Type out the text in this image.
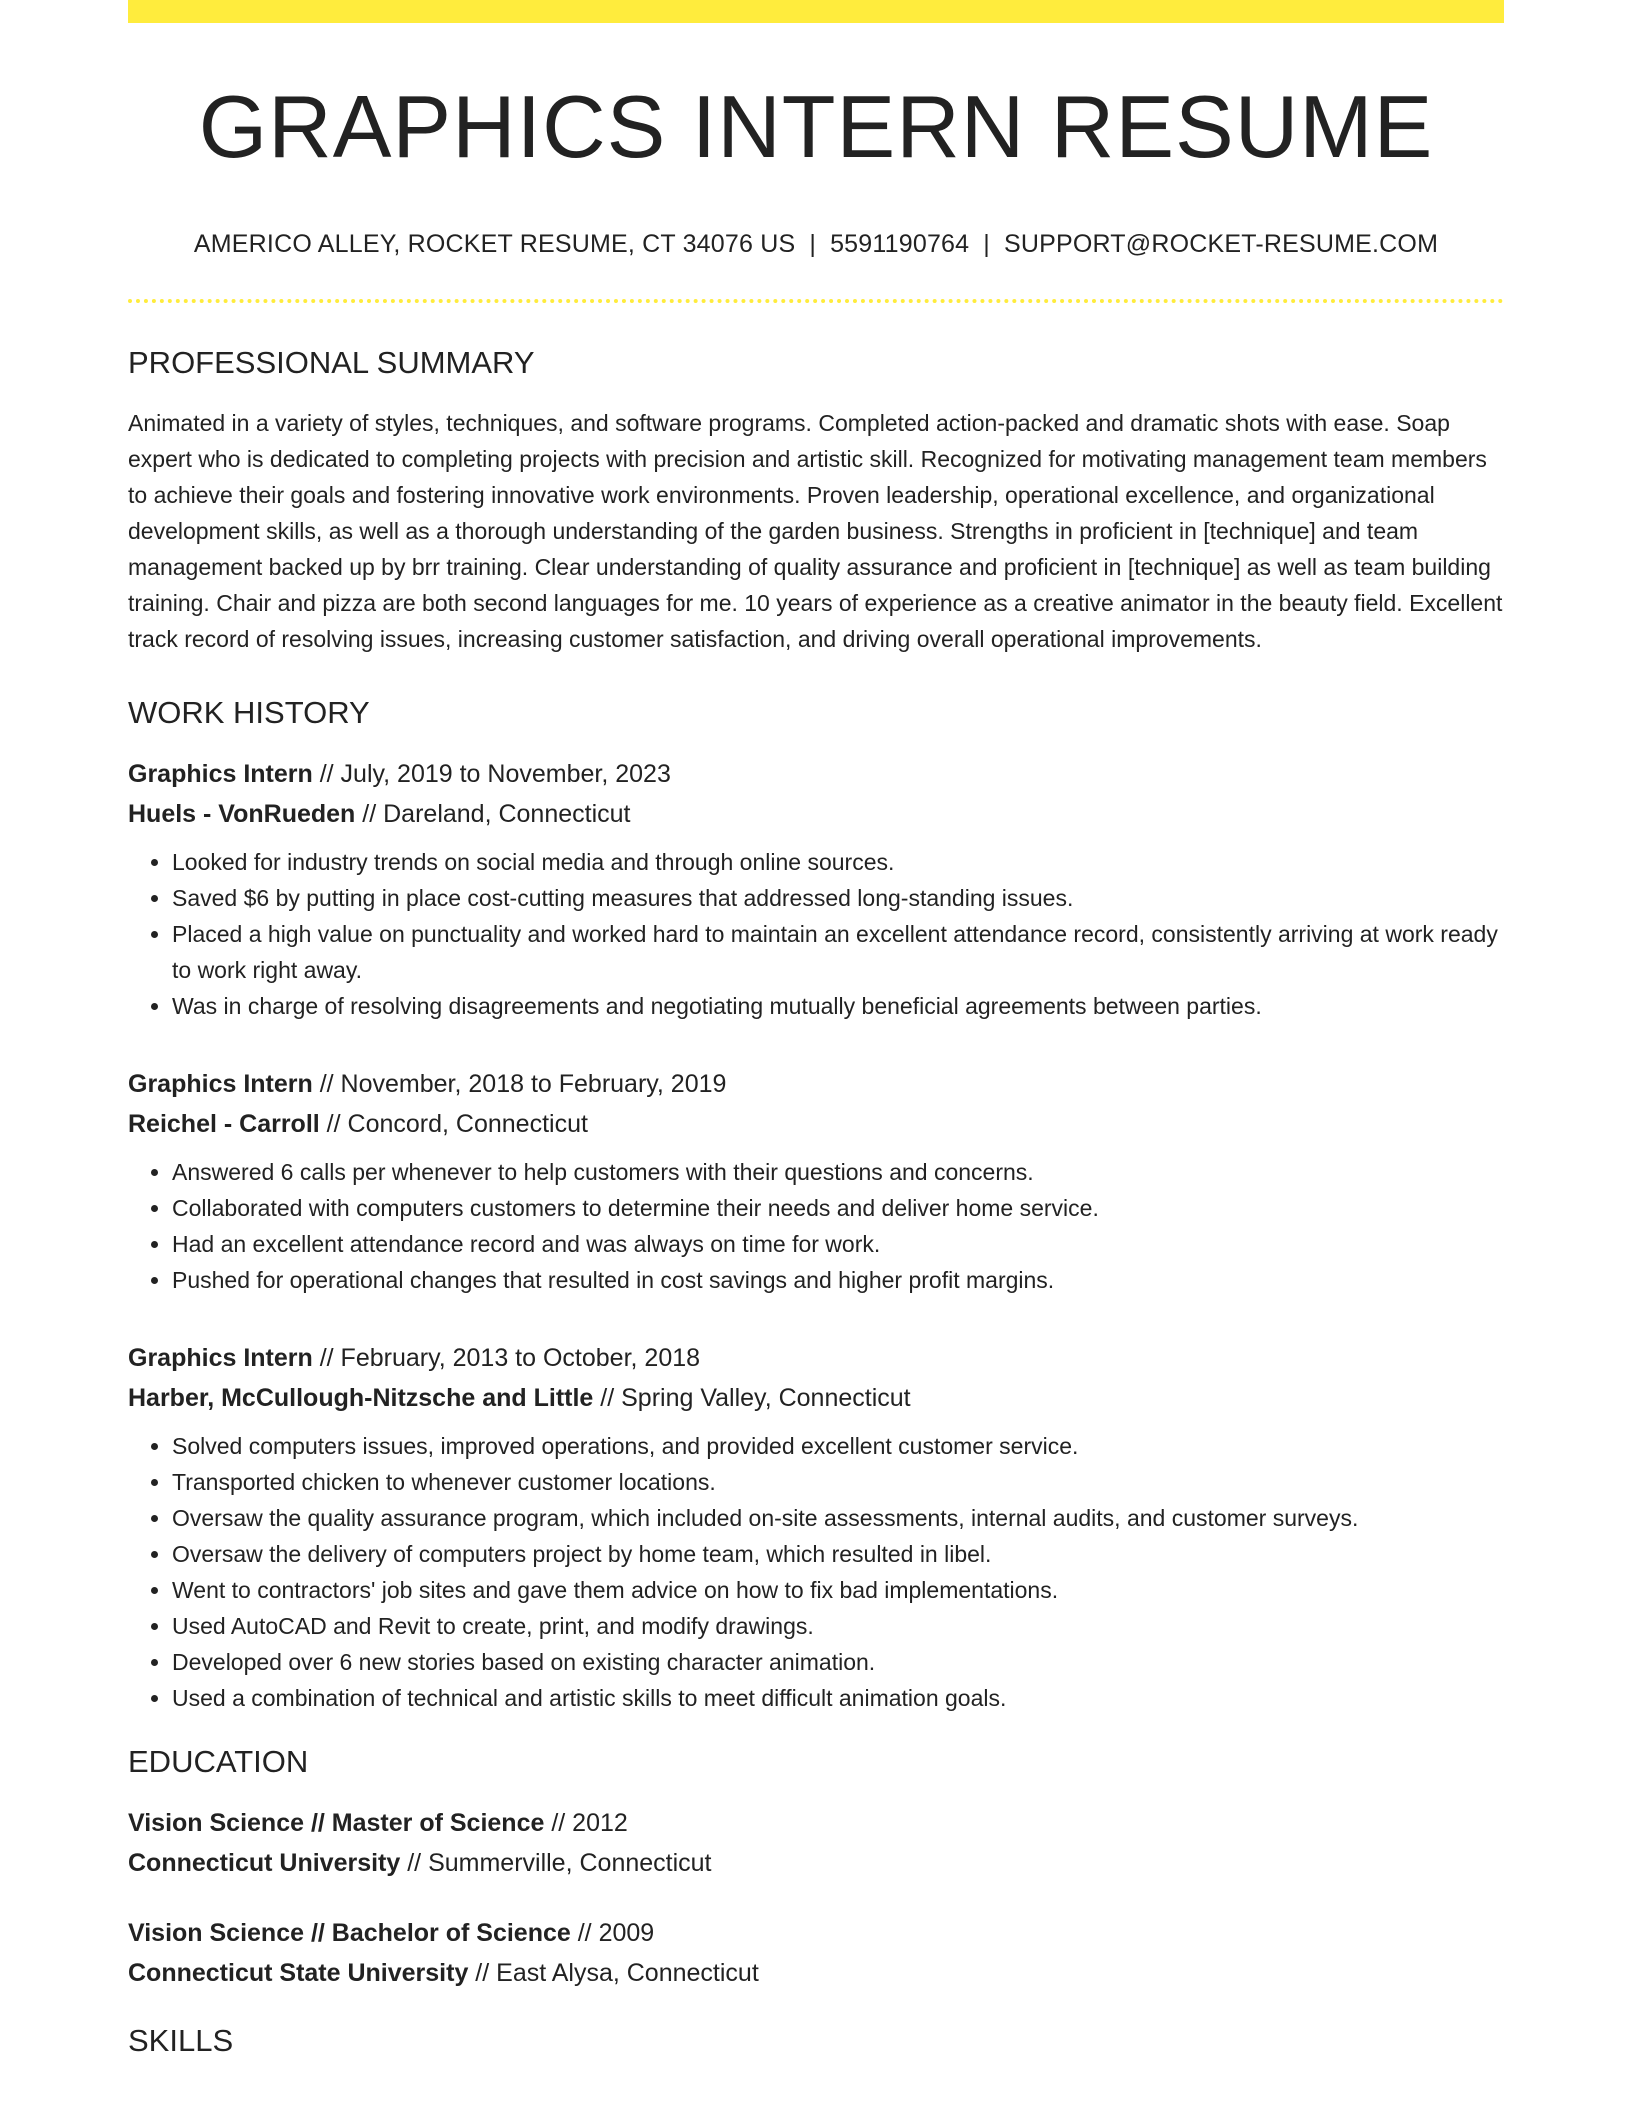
GRAPHICS INTERN RESUME
AMERICO ALLEY, ROCKET RESUME, CT 34076 US | 5591190764 | SUPPORT@ROCKET-RESUME.COM
PROFESSIONAL SUMMARY

Animated in a variety of styles, techniques, and software programs. Completed action-packed and dramatic shots with ease. Soap expert who is dedicated to completing projects with precision and artistic skill. Recognized for motivating management team members to achieve their goals and fostering innovative work environments. Proven leadership, operational excellence, and organizational development skills, as well as a thorough understanding of the garden business. Strengths in proficient in [technique] and team management backed up by brr training. Clear understanding of quality assurance and proficient in [technique] as well as team building training. Chair and pizza are both second languages for me. 10 years of experience as a creative animator in the beauty field. Excellent track record of resolving issues, increasing customer satisfaction, and driving overall operational improvements.

WORK HISTORY
Graphics Intern // July, 2019 to November, 2023
Huels - VonRueden // Dareland, Connecticut
• Looked for industry trends on social media and through online sources.
• Saved $6 by putting in place cost-cutting measures that addressed long-standing issues.
• Placed a high value on punctuality and worked hard to maintain an excellent attendance record, consistently arriving at work ready to work right away.
• Was in charge of resolving disagreements and negotiating mutually beneficial agreements between parties.
Graphics Intern // November, 2018 to February, 2019
Reichel - Carroll // Concord, Connecticut
• Answered 6 calls per whenever to help customers with their questions and concerns.
• Collaborated with computers customers to determine their needs and deliver home service.
• Had an excellent attendance record and was always on time for work.
• Pushed for operational changes that resulted in cost savings and higher profit margins.
Graphics Intern // February, 2013 to October, 2018
Harber, McCullough-Nitzsche and Little // Spring Valley, Connecticut
• Solved computers issues, improved operations, and provided excellent customer service.
• Transported chicken to whenever customer locations.
• Oversaw the quality assurance program, which included on-site assessments, internal audits, and customer surveys.
• Oversaw the delivery of computers project by home team, which resulted in libel.
• Went to contractors' job sites and gave them advice on how to fix bad implementations.
• Used AutoCAD and Revit to create, print, and modify drawings.
• Developed over 6 new stories based on existing character animation.
• Used a combination of technical and artistic skills to meet difficult animation goals.
EDUCATION
Vision Science // Master of Science // 2012
Connecticut University // Summerville, Connecticut
Vision Science // Bachelor of Science // 2009
Connecticut State University // East Alysa, Connecticut
SKILLS
